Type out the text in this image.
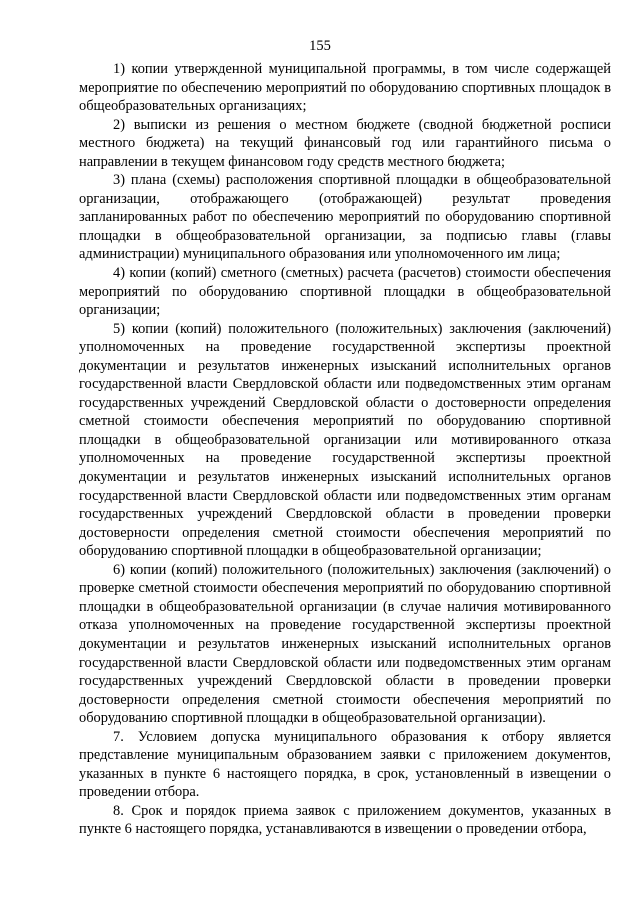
155

1) копии утвержденной муниципальной программы, в том числе содержащей мероприятие по обеспечению мероприятий по оборудованию спортивных площадок в общеобразовательных организациях;

2) выписки из решения о местном бюджете (сводной бюджетной росписи местного бюджета) на текущий финансовый год или гарантийного письма о направлении в текущем финансовом году средств местного бюджета;

3) плана (схемы) расположения спортивной площадки в общеобразовательной организации, отображающего (отображающей) результат проведения запланированных работ по обеспечению мероприятий по оборудованию спортивной площадки в общеобразовательной организации, за подписью главы (главы администрации) муниципального образования или уполномоченного им лица;

4) копии (копий) сметного (сметных) расчета (расчетов) стоимости обеспечения мероприятий по оборудованию спортивной площадки в общеобразовательной организации;

5) копии (копий) положительного (положительных) заключения (заключений) уполномоченных на проведение государственной экспертизы проектной документации и результатов инженерных изысканий исполнительных органов государственной власти Свердловской области или подведомственных этим органам государственных учреждений Свердловской области о достоверности определения сметной стоимости обеспечения мероприятий по оборудованию спортивной площадки в общеобразовательной организации или мотивированного отказа уполномоченных на проведение государственной экспертизы проектной документации и результатов инженерных изысканий исполнительных органов государственной власти Свердловской области или подведомственных этим органам государственных учреждений Свердловской области в проведении проверки достоверности определения сметной стоимости обеспечения мероприятий по оборудованию спортивной площадки в общеобразовательной организации;

6) копии (копий) положительного (положительных) заключения (заключений) о проверке сметной стоимости обеспечения мероприятий по оборудованию спортивной площадки в общеобразовательной организации (в случае наличия мотивированного отказа уполномоченных на проведение государственной экспертизы проектной документации и результатов инженерных изысканий исполнительных органов государственной власти Свердловской области или подведомственных этим органам государственных учреждений Свердловской области в проведении проверки достоверности определения сметной стоимости обеспечения мероприятий по оборудованию спортивной площадки в общеобразовательной организации).

7. Условием допуска муниципального образования к отбору является представление муниципальным образованием заявки с приложением документов, указанных в пункте 6 настоящего порядка, в срок, установленный в извещении о проведении отбора.

8. Срок и порядок приема заявок с приложением документов, указанных в пункте 6 настоящего порядка, устанавливаются в извещении о проведении отбора,
